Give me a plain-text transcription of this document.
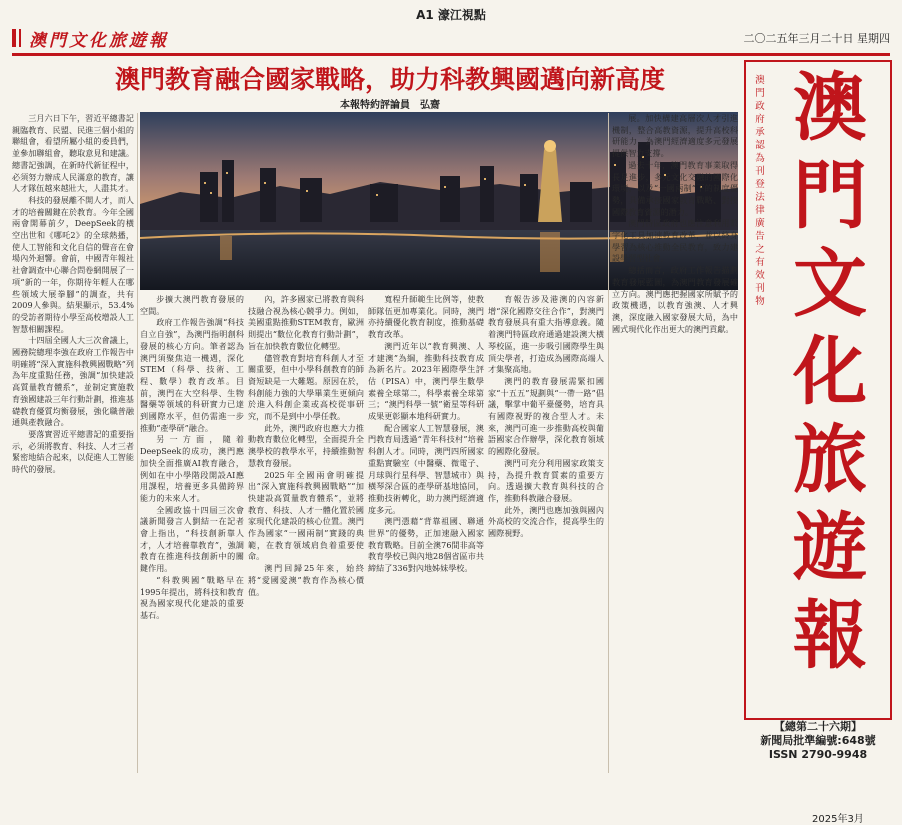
A1 濠江視點
澳門文化旅遊報	二〇二五年三月二十日 星期四
澳門教育融合國家戰略，助力科教興國邁向新高度
本報特約評論員　弘齋

三月六日下午，習近平總書記親臨教育、民盟、民進三個小組的聯組會，看望所屬小組的委員們，並參加聯組會，聽取意見和建議。總書記強調，在新時代新征程中，必須努力辦成人民滿意的教育，讓人才隊伍越來越壯大，人盡其才。

科技的發展離不開人才，而人才的培養關鍵在於教育。今年全國兩會開幕前夕，DeepSeek的橫空出世和《哪吒2》的全球熱播，使人工智能和文化自信的聲音在會場內外迴響。會前，中國青年報社社會調查中心聯合問卷網開展了一項“新的一年，你期待年輕人在哪些領域大展拳腳”的調查，共有2009人參與。結果顯示，53.4%的受訪者期待小學至高校增設人工智慧相關課程。

十四屆全國人大三次會議上，國務院總理李強在政府工作報告中明確將“深入實施科教興國戰略”列為年度重點任務，強調“加快建設高質量教育體系”，並制定實施教育強國建設三年行動計劃，推進基礎教育優質均衡發展，強化職普融通與產教融合。

要落實習近平總書記的重要指示，必須將教育、科技、人才三者緊密地結合起來，以促進人工智能時代的發展。

步擴大澳門教育發展的空間。

政府工作報告強調“科技自立自強”，為澳門指明創科發展的核心方向。筆者認為澳門須聚焦這一機遇，深化STEM（科學、技術、工程、數學）教育改革。目前，澳門在大空科學、生物醫藥等領域的科研實力已達到國際水平，但仍需進一步推動“產學研”融合。

另一方面，隨着DeepSeek的成功，澳門應加快全面推廣AI教育融合，例如在中小學階段開設AI應用課程，培養更多具備跨界能力的未來人才。

全國政協十四屆三次會議新聞發言人劉結一在記者會上指出，“科技創新靠人才，人才培養靠教育”，強調教育在推進科技創新中的關鍵作用。

“科教興國”戰略早在1995年提出，將科技和教育視為國家現代化建設的重要基石。

內，許多國家已將教育與科技融合視為核心競爭力。例如，美國重點推動STEM教育，歐洲則提出“數位化教育行動計劃”，旨在加快教育數位化轉型。

儘管教育對培育科創人才至關重要，但中小學科創教育的師資短缺是一大難題。原因在於，科創能力強的大學畢業生更傾向於進入科創企業或高校從事研究，而不是到中小學任教。

此外，澳門政府也應大力推動教育數位化轉型，全面提升全澳學校的教學水平，持續推動智慧教育發展。

2025年全國兩會明確提出“深入實施科教興國戰略”“加快建設高質量教育體系”，並將教育、科技、人才一體化置於國家現代化建設的核心位置。澳門作為國家“一國兩制”實踐的典範，在教育領域肩負着重要使命。

澳門回歸25年來，始終將“愛國愛澳”教育作為核心價值。

寬程升師範生比例等，使教師隊伍更加專業化。同時，澳門亦持續優化教育制度，推動基礎教育改革。

澳門近年以“教育興澳、人才建澳”為綱，推動科技教育成為新名片。2023年國際學生評估（PISA）中，澳門學生數學素養全球第二，科學素養全球第三；“澳門科學一號”衛星等科研成果更彰顯本地科研實力。

配合國家人工智慧發展，澳門教育局透過“青年科技村”培養科創人才。同時，澳門四所國家重點實驗室（中醫藥、微電子、月球與行星科學、智慧城市）與橫琴深合區的產學研基地協同，推動技術轉化，助力澳門經濟適度多元。

澳門憑藉“背靠祖國、聯通世界”的優勢，正加速融入國家教育戰略。目前全澳76間非高等教育學校已與內地28個省區市共締結了336對內地姊妹學校。

育報告涉及港澳的內容新增“深化國際交往合作”，對澳門教育發展具有重大指導意義。隨着澳門特區政府通過建設澳大橫琴校區，進一步吸引國際學生與頂尖學者，打造成為國際高端人才集聚高地。

澳門的教育發展需緊扣國家“十五五”規劃與“一帶一路”倡議，擊掌中葡平臺優勢，培育具有國際視野的複合型人才。未來，澳門可進一步推動高校與葡語國家合作辦學，深化教育領域的國際化發展。

澳門可充分利用國家政策支持，為提升教育質素的重要方向。透過擴大教育與科技的合作，推動科教融合發展。

此外，澳門也應加強與國內外高校的交流合作，提高學生的國際視野。

展。加快構建高層次人才引進機制，整合高教資源，提升高校科研能力，為澳門經濟適度多元發展提供智力支撐。

過去十年，澳門教育事業取得長足進步，多元文化交融的國際化環境，以及“一國兩制”下的制度優勢，具備承接國家教育戰略、對接國際教育資源的潛力。

澳門特區政府也應注意利用數字化工具加速教育改革，並以終身學習為核心推動全民教育，致力建設學習型社會。

總括而言，政府工作報告描劃教育發展藍圖，為澳門教育發展確立方向。澳門應把握國家所賦予的政策機遇，以教育強澳、人才興澳，深度融入國家發展大局，為中國式現代化作出更大的澳門貢獻。

澳門政府承認為刊登法律廣告之有效刊物
澳門文化旅遊報
【總第二十六期】
新聞局批準編號:648號
ISSN 2790-9948
2025年3月
